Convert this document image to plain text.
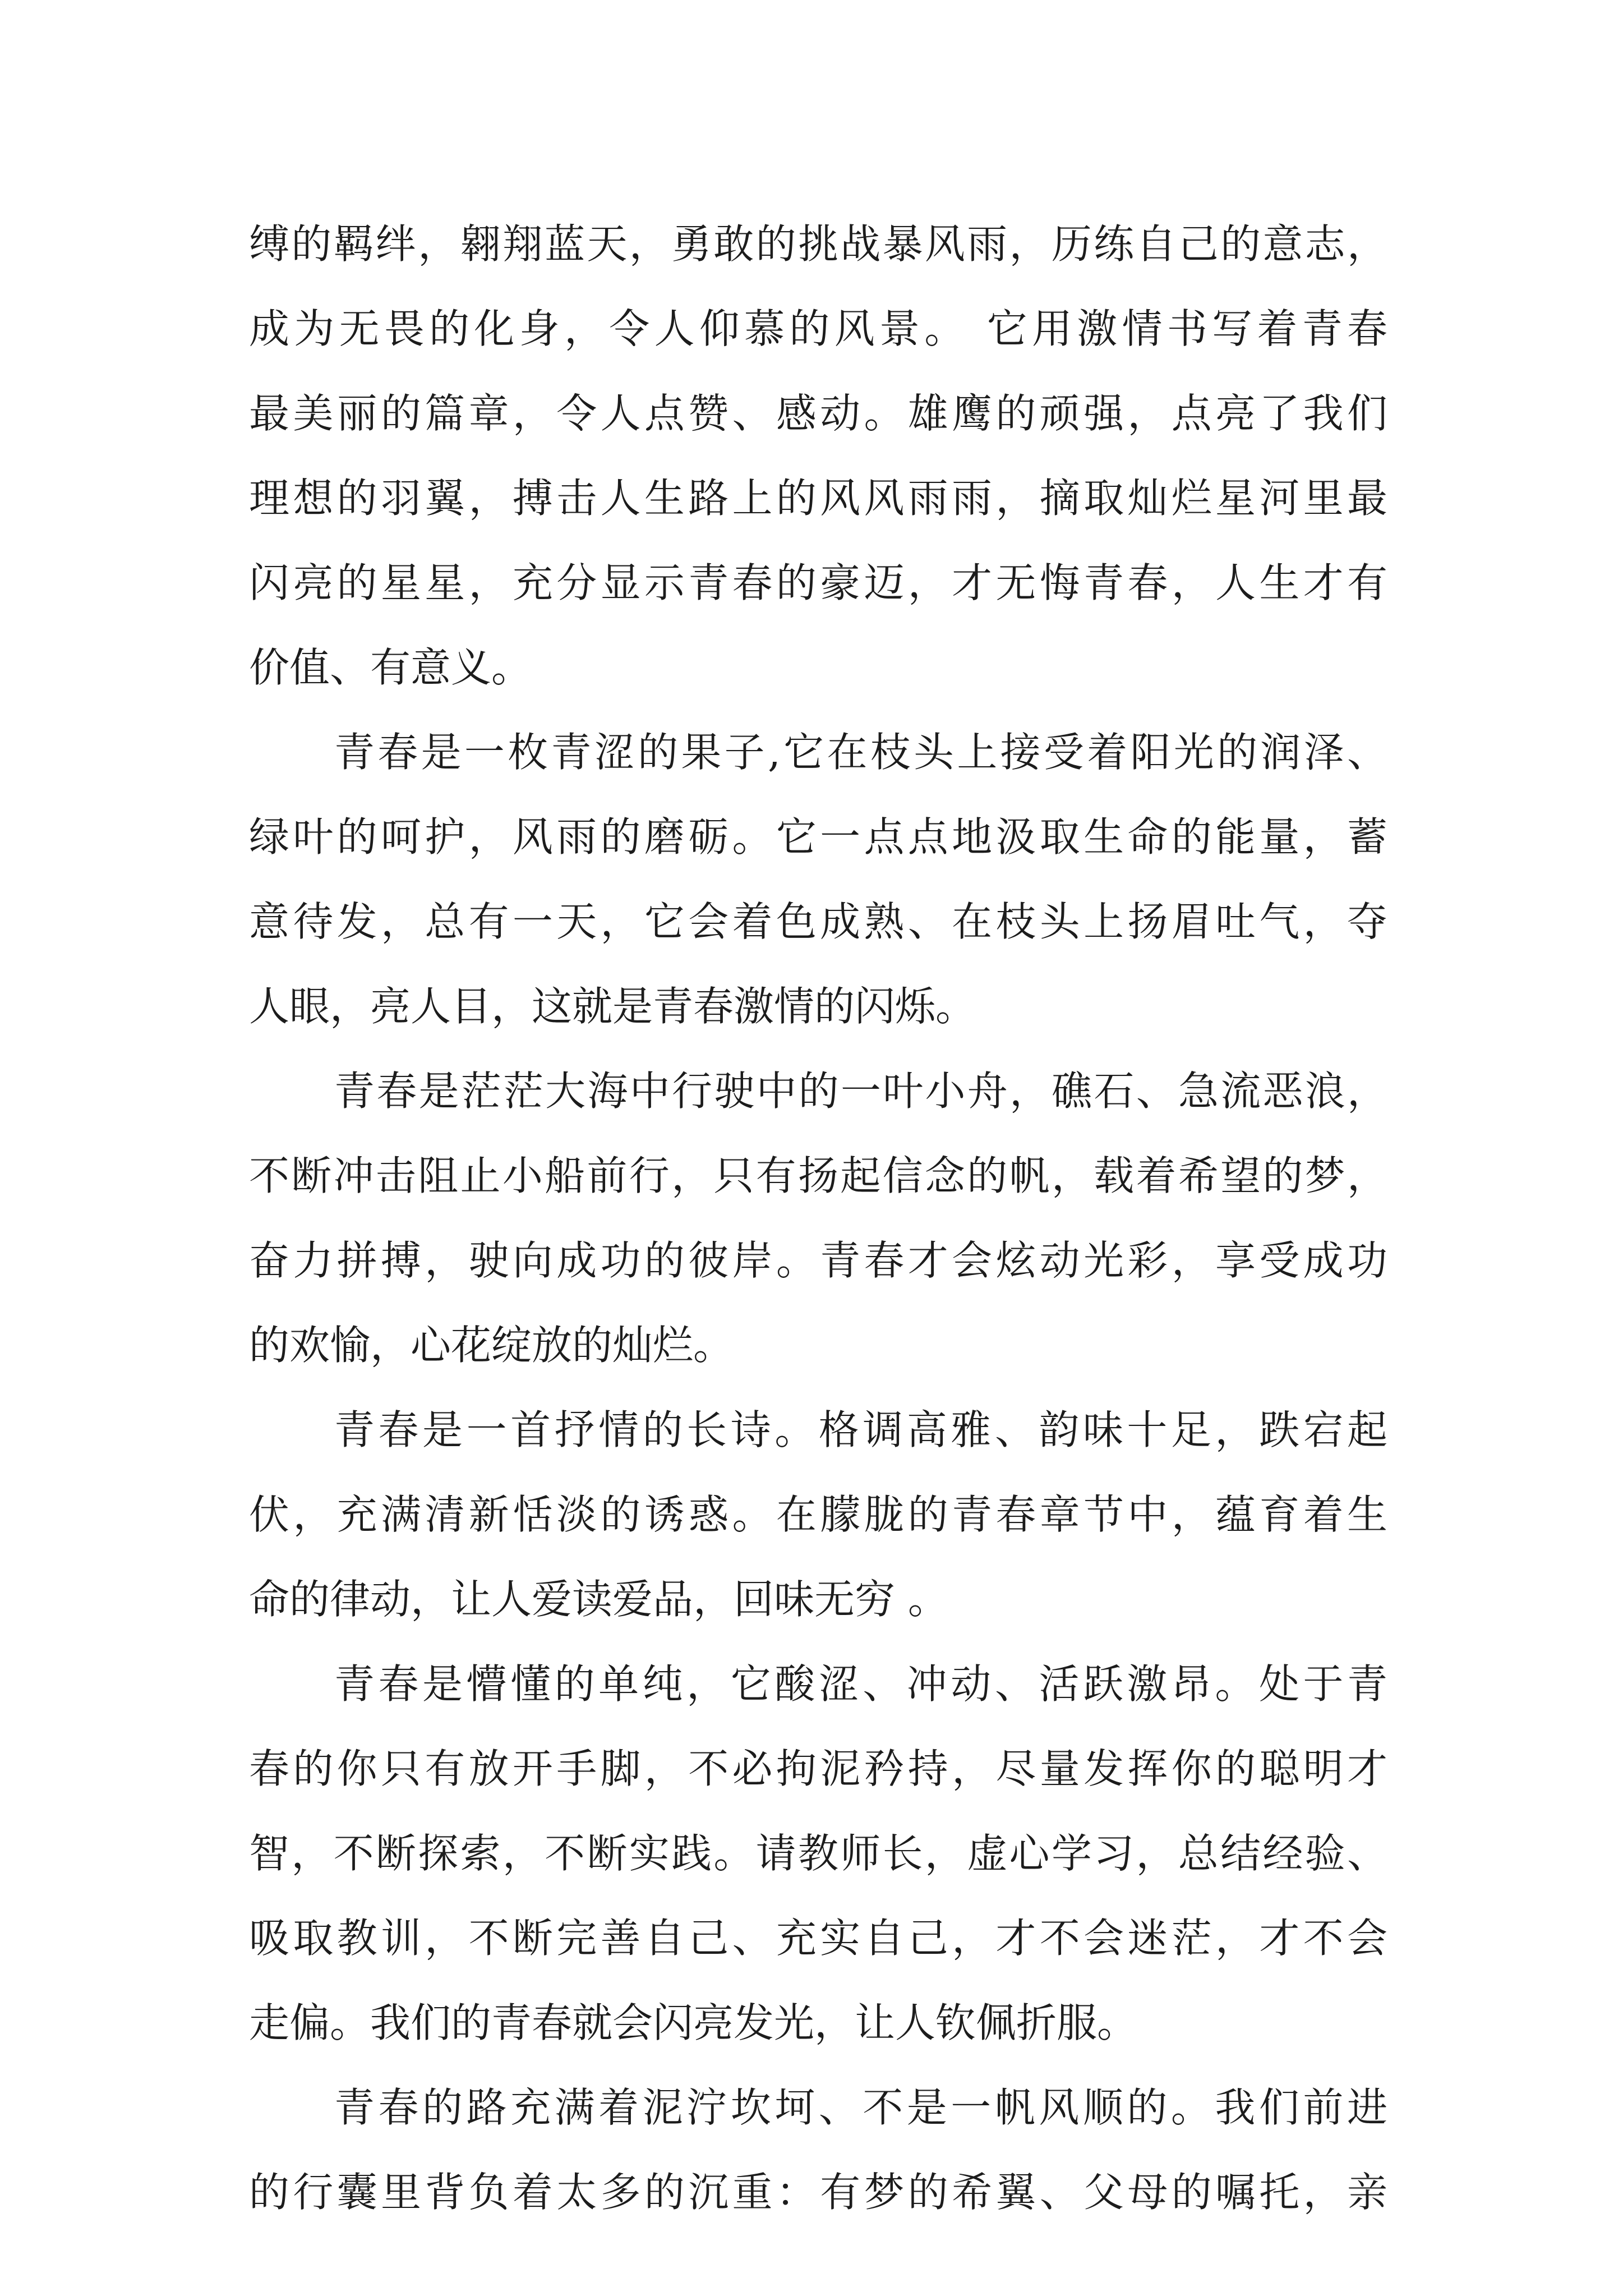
缚的羁绊，翱翔蓝天，勇敢的挑战暴风雨，历练自己的意志，
成为无畏的化身，令人仰慕的风景。 它用激情书写着青春
最美丽的篇章，令人点赞、感动。雄鹰的顽强，点亮了我们
理想的羽翼，搏击人生路上的风风雨雨，摘取灿烂星河里最
闪亮的星星，充分显示青春的豪迈，才无悔青春，人生才有
价值、有意义。

青春是一枚青涩的果子,它在枝头上接受着阳光的润泽、
绿叶的呵护，风雨的磨砺。它一点点地汲取生命的能量，蓄
意待发，总有一天，它会着色成熟、在枝头上扬眉吐气，夺
人眼，亮人目，这就是青春激情的闪烁。

青春是茫茫大海中行驶中的一叶小舟，礁石、急流恶浪，
不断冲击阻止小船前行，只有扬起信念的帆，载着希望的梦，
奋力拼搏，驶向成功的彼岸。青春才会炫动光彩，享受成功
的欢愉，心花绽放的灿烂。

青春是一首抒情的长诗。格调高雅、韵味十足，跌宕起
伏，充满清新恬淡的诱惑。在朦胧的青春章节中，蕴育着生
命的律动，让人爱读爱品，回味无穷 。

青春是懵懂的单纯，它酸涩、冲动、活跃激昂。处于青
春的你只有放开手脚，不必拘泥矜持，尽量发挥你的聪明才
智，不断探索，不断实践。请教师长，虚心学习，总结经验、
吸取教训，不断完善自己、充实自己，才不会迷茫，才不会
走偏。我们的青春就会闪亮发光，让人钦佩折服。

青春的路充满着泥泞坎坷、不是一帆风顺的。我们前进
的行囊里背负着太多的沉重：有梦的希翼、父母的嘱托，亲
